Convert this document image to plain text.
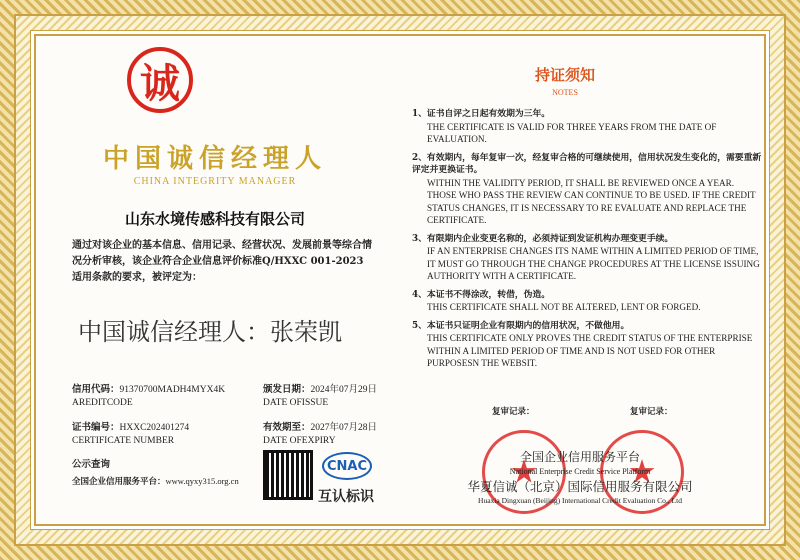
诚
中国诚信经理人
CHINA INTEGRITY MANAGER
山东水境传感科技有限公司
通过对该企业的基本信息、信用记录、经营状况、发展前景等综合情况分析审核，该企业符合企业信息评价标准Q/HXXC 001-2023适用条款的要求，被评定为：
中国诚信经理人：张荣凯
信用代码：91370700MADH4MYX4K
AREDITCODE
颁发日期：2024年07月29日
DATE OFISSUE
证书编号：HXXC202401274
CERTIFICATE NUMBER
有效期至：2027年07月28日
DATE OFEXPIRY
公示查询
全国企业信用服务平台：www.qyxy315.org.cn
CNAC
互认标识
持证须知
NOTES
1、证书自评之日起有效期为三年。
THE CERTIFICATE IS VALID FOR THREE YEARS FROM THE DATE OF EVALUATION.
2、有效期内，每年复审一次，经复审合格的可继续使用，信用状况发生变化的，需要重新评定并更换证书。
WITHIN THE VALIDITY PERIOD, IT SHALL BE REVIEWED ONCE A YEAR. THOSE WHO PASS THE REVIEW CAN CONTINUE TO BE USED. IF THE CREDIT STATUS CHANGES, IT IS NECESSARY TO RE EVALUATE AND REPLACE THE CERTIFICATE.
3、有限期内企业变更名称的，必须持证到发证机构办理变更手续。
IF AN ENTERPRISE CHANGES ITS NAME WITHIN A LIMITED PERIOD OF TIME, IT MUST GO THROUGH THE CHANGE PROCEDURES AT THE LICENSE ISSUING AUTHORITY WITH A CERTIFICATE.
4、本证书不得涂改，转借，伪造。
THIS CERTIFICATE SHALL NOT BE ALTERED, LENT OR FORGED.
5、本证书只证明企业有限期内的信用状况，不做他用。
THIS CERTIFICATE ONLY PROVES THE CREDIT STATUS OF THE ENTERPRISE WITHIN A LIMITED PERIOD OF TIME AND IS NOT USED FOR OTHER PURPOSESN THE WEBSIT.
复审记录：	复审记录：
全国企业信用服务平台
National Enterprise Credit Service Platform
华夏信诚（北京）国际信用服务有限公司
Huaxia Dingxuan (Beijing) International Credit Evaluation Co., Ltd
